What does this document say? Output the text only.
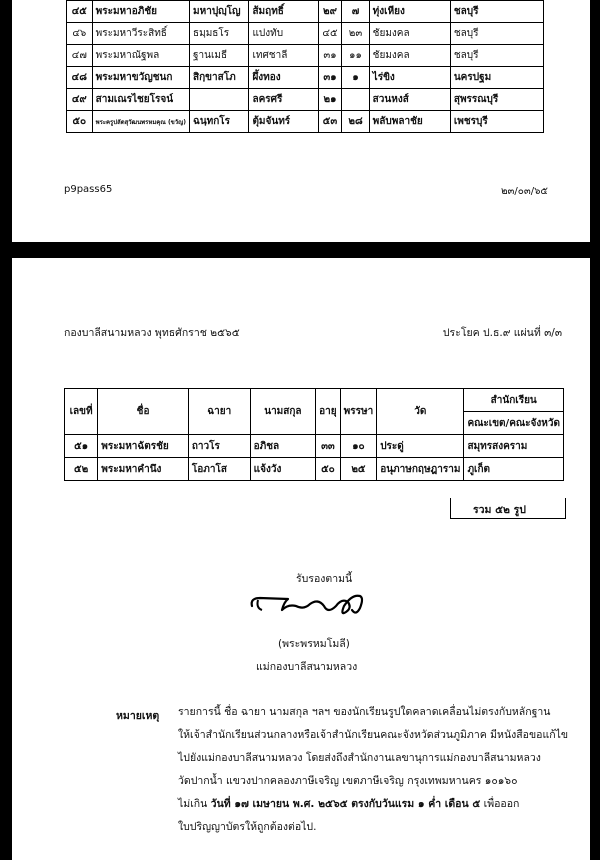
๔๕	พระมหาอภิชัย	มหาปุญฺโญ	ส้มฤทธิ์	๒๙	๗	ทุ่งเหียง	ชลบุรี
๔๖	พระมหาวีระสิทธิ์	ธมฺมธโร	แปงทับ	๔๕	๒๓	ชัยมงคล	ชลบุรี
๔๗	พระมหาณัฐพล	ฐานเมธี	เทศชาลี	๓๑	๑๑	ชัยมงคล	ชลบุรี
๔๘	พระมหาขวัญชนก	สิกฺขาสโภ	ผึ้งทอง	๓๑	๑	ไร่ขิง	นครปฐม
๔๙	สามเณรไชยโรจน์		ลครศรี	๒๑		สวนหงส์	สุพรรณบุรี
๕๐	พระครูปลัดสุวัฒนพรหมคุณ (ขวัญ)	ฉนฺทกโร	ตุ้มจันทร์	๕๓	๒๘	พลับพลาชัย	เพชรบุรี
p9pass65	๒๓/๐๓/๖๕
กองบาลีสนามหลวง พุทธศักราช ๒๕๖๕	ประโยค ป.ธ.๙ แผ่นที่ ๓/๓
เลขที่	ชื่อ	ฉายา	นามสกุล	อายุ	พรรษา	วัด	สำนักเรียน
							คณะเขต/คณะจังหวัด
๕๑	พระมหาฉัตรชัย	ถาวโร	อภิชล	๓๓	๑๐	ประดู่	สมุทรสงคราม
๕๒	พระมหาคำนึง	โอภาโส	แจ้งวัง	๕๐	๒๕	อนุภาษกฤษฎาราม	ภูเก็ต
รวม ๕๒ รูป
รับรองตามนี้
(พระพรหมโมลี)
แม่กองบาลีสนามหลวง
หมายเหตุ รายการนี้ ชื่อ ฉายา นามสกุล ฯลฯ ของนักเรียนรูปใดคลาดเคลื่อนไม่ตรงกับหลักฐาน
ให้เจ้าสำนักเรียนส่วนกลางหรือเจ้าสำนักเรียนคณะจังหวัดส่วนภูมิภาค มีหนังสือขอแก้ไข
ไปยังแม่กองบาลีสนามหลวง โดยส่งถึงสำนักงานเลขานุการแม่กองบาลีสนามหลวง
วัดปากน้ำ แขวงปากคลองภาษีเจริญ เขตภาษีเจริญ กรุงเทพมหานคร ๑๐๑๖๐
ไม่เกิน วันที่ ๑๗ เมษายน พ.ศ. ๒๕๖๕ ตรงกับวันแรม ๑ ค่ำ เดือน ๕ เพื่อออก
ใบปริญญาบัตรให้ถูกต้องต่อไป.
